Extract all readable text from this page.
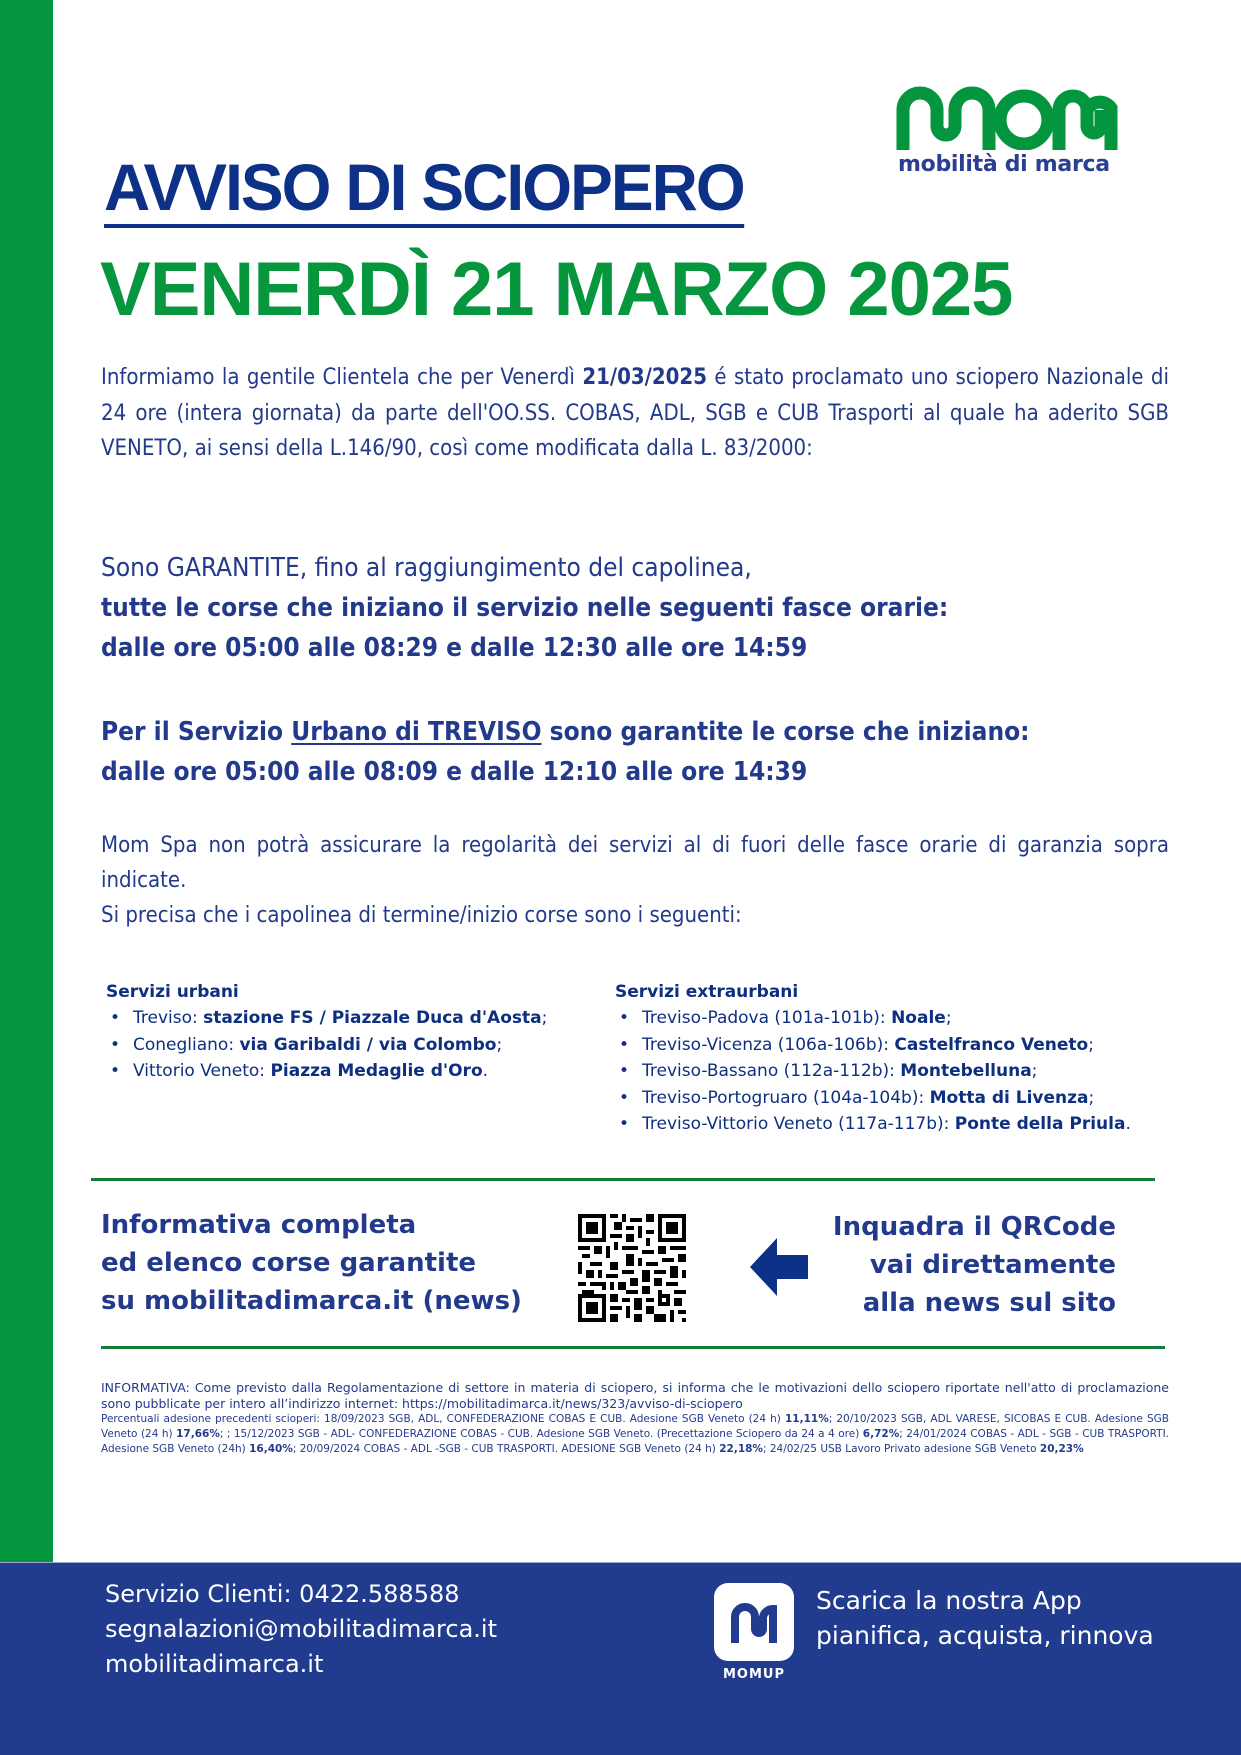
mobilità di marca
AVVISO DI SCIOPERO
VENERDÌ 21 MARZO 2025
Informiamo la gentile Clientela che per Venerdì 21/03/2025 é stato proclamato uno sciopero Nazionale di 24 ore (intera giornata) da parte dell'OO.SS. COBAS, ADL, SGB e CUB Trasporti al quale ha aderito SGB VENETO, ai sensi della L.146/90, così come modificata dalla L. 83/2000:
Sono GARANTITE, fino al raggiungimento del capolinea,
tutte le corse che iniziano il servizio nelle seguenti fasce orarie:
dalle ore 05:00 alle 08:29 e dalle 12:30 alle ore 14:59
Per il Servizio Urbano di TREVISO sono garantite le corse che iniziano:
dalle ore 05:00 alle 08:09 e dalle 12:10 alle ore 14:39
Mom Spa non potrà assicurare la regolarità dei servizi al di fuori delle fasce orarie di garanzia sopra indicate.
Si precisa che i capolinea di termine/inizio corse sono i seguenti:
Servizi urbani
• Treviso: stazione FS / Piazzale Duca d'Aosta;
• Conegliano: via Garibaldi / via Colombo;
• Vittorio Veneto: Piazza Medaglie d'Oro.
Servizi extraurbani
• Treviso-Padova (101a-101b): Noale;
• Treviso-Vicenza (106a-106b): Castelfranco Veneto;
• Treviso-Bassano (112a-112b): Montebelluna;
• Treviso-Portogruaro (104a-104b): Motta di Livenza;
• Treviso-Vittorio Veneto (117a-117b): Ponte della Priula.
Informativa completa
ed elenco corse garantite
su mobilitadimarca.it (news)
Inquadra il QRCode
vai direttamente
alla news sul sito
INFORMATIVA: Come previsto dalla Regolamentazione di settore in materia di sciopero, si informa che le motivazioni dello sciopero riportate nell'atto di proclamazione sono pubblicate per intero all’indirizzo internet: https://mobilitadimarca.it/news/323/avviso-di-sciopero
Percentuali adesione precedenti scioperi: 18/09/2023 SGB, ADL, CONFEDERAZIONE COBAS E CUB. Adesione SGB Veneto (24 h) 11,11%; 20/10/2023 SGB, ADL VARESE, SICOBAS E CUB. Adesione SGB Veneto (24 h) 17,66%; ; 15/12/2023 SGB - ADL- CONFEDERAZIONE COBAS - CUB. Adesione SGB Veneto. (Precettazione Sciopero da 24 a 4 ore) 6,72%; 24/01/2024 COBAS - ADL - SGB - CUB TRASPORTI. Adesione SGB Veneto (24h) 16,40%; 20/09/2024 COBAS - ADL -SGB - CUB TRASPORTI. ADESIONE SGB Veneto (24 h) 22,18%; 24/02/25 USB Lavoro Privato adesione SGB Veneto 20,23%
Servizio Clienti: 0422.588588
segnalazioni@mobilitadimarca.it
mobilitadimarca.it	MOMUP
Scarica la nostra App
pianifica, acquista, rinnova
